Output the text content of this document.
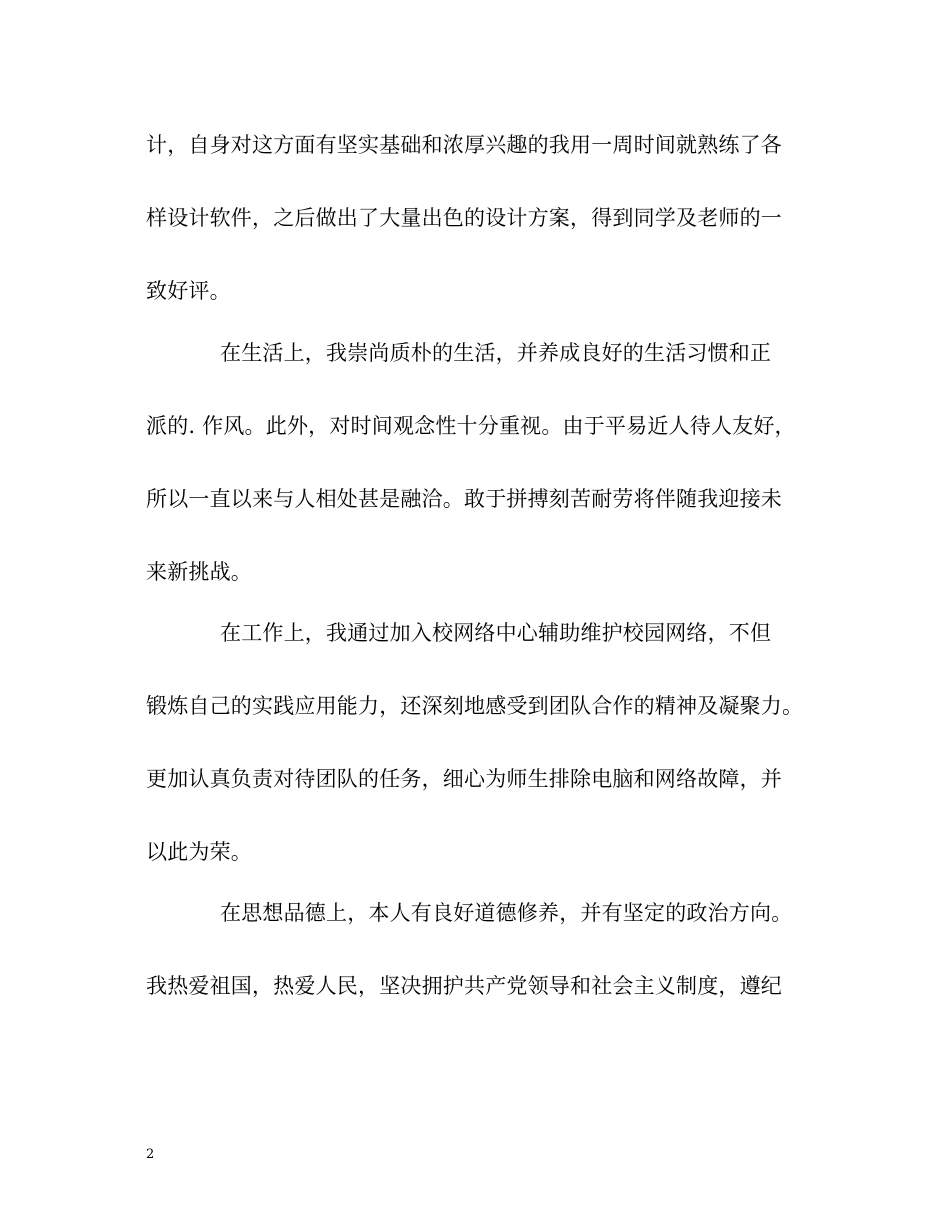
计，自身对这方面有坚实基础和浓厚兴趣的我用一周时间就熟练了各
样设计软件，之后做出了大量出色的设计方案，得到同学及老师的一
致好评。
在生活上，我崇尚质朴的生活，并养成良好的生活习惯和正
派的. 作风。此外，对时间观念性十分重视。由于平易近人待人友好，
所以一直以来与人相处甚是融洽。敢于拼搏刻苦耐劳将伴随我迎接未
来新挑战。
在工作上，我通过加入校网络中心辅助维护校园网络，不但
锻炼自己的实践应用能力，还深刻地感受到团队合作的精神及凝聚力。
更加认真负责对待团队的任务，细心为师生排除电脑和网络故障，并
以此为荣。
在思想品德上，本人有良好道德修养，并有坚定的政治方向。
我热爱祖国，热爱人民，坚决拥护共产党领导和社会主义制度，遵纪
2
